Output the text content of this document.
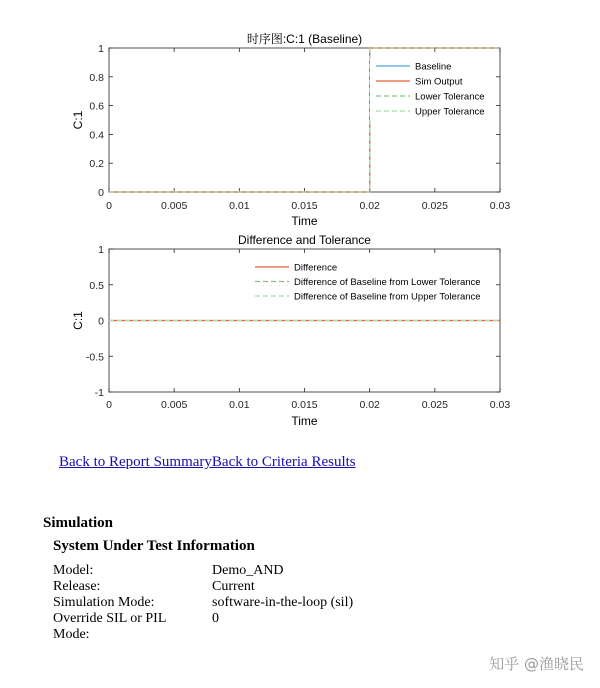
0	0.005	0.01	0.015	0.02	0.025	0.03
0
0.2
0.4
0.6
0.8
1
时序图:C:1 (Baseline)
Time
C:1
Baseline
Sim Output
Lower Tolerance
Upper Tolerance
0	0.005	0.01	0.015	0.02	0.025	0.03
-1
-0.5
0
0.5
1
Difference and Tolerance
Time
C:1
Difference
Difference of Baseline from Lower Tolerance
Difference of Baseline from Upper Tolerance
Back to Report SummaryBack to Criteria Results
Simulation
System Under Test Information
Model:	Demo_AND
Release:	Current
Simulation Mode:	software-in-the-loop (sil)
Override SIL or PIL Mode:
0
知乎 @渔晓民
